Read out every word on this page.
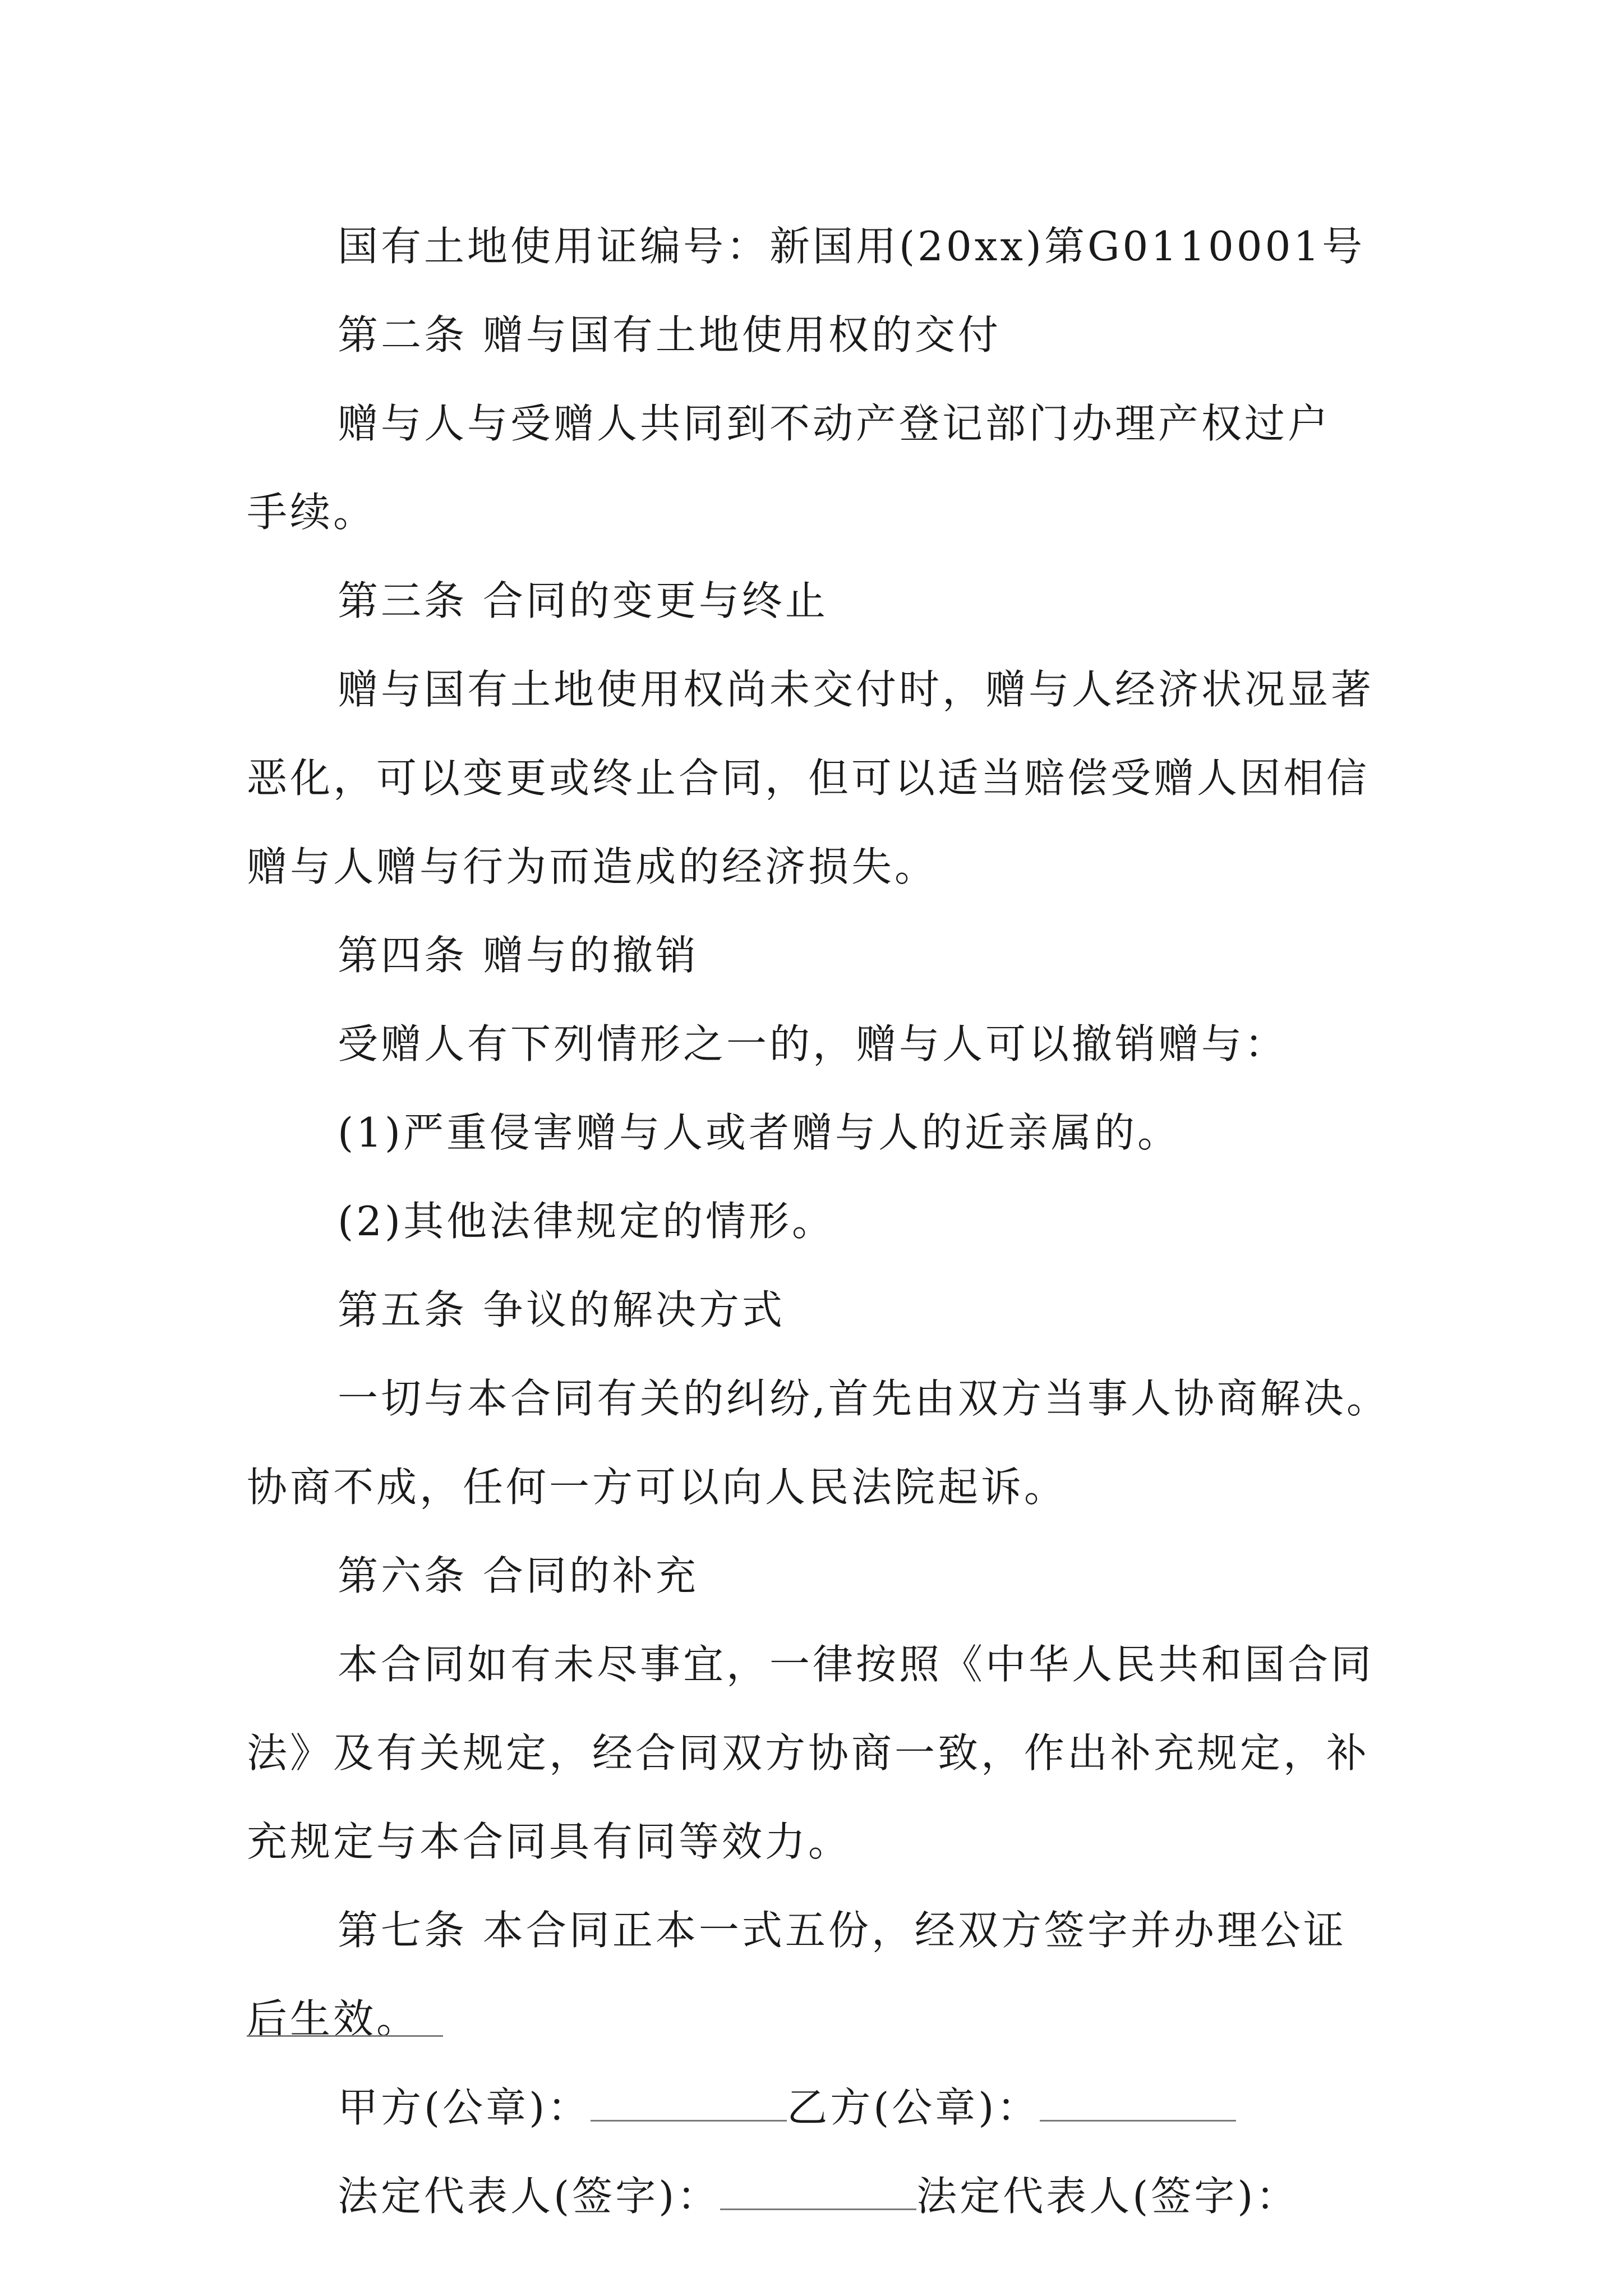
国有土地使用证编号：新国用(20xx)第G0110001号

第二条 赠与国有土地使用权的交付

赠与人与受赠人共同到不动产登记部门办理产权过户

手续。

第三条 合同的变更与终止

赠与国有土地使用权尚未交付时，赠与人经济状况显著

恶化，可以变更或终止合同，但可以适当赔偿受赠人因相信

赠与人赠与行为而造成的经济损失。

第四条 赠与的撤销

受赠人有下列情形之一的，赠与人可以撤销赠与：

(1)严重侵害赠与人或者赠与人的近亲属的。

(2)其他法律规定的情形。

第五条 争议的解决方式

一切与本合同有关的纠纷,首先由双方当事人协商解决。

协商不成，任何一方可以向人民法院起诉。

第六条 合同的补充

本合同如有未尽事宜，一律按照《中华人民共和国合同

法》及有关规定，经合同双方协商一致，作出补充规定，补

充规定与本合同具有同等效力。

第七条 本合同正本一式五份，经双方签字并办理公证

后生效。

甲方(公章)：	乙方(公章)：

法定代表人(签字)：	法定代表人(签字)：
